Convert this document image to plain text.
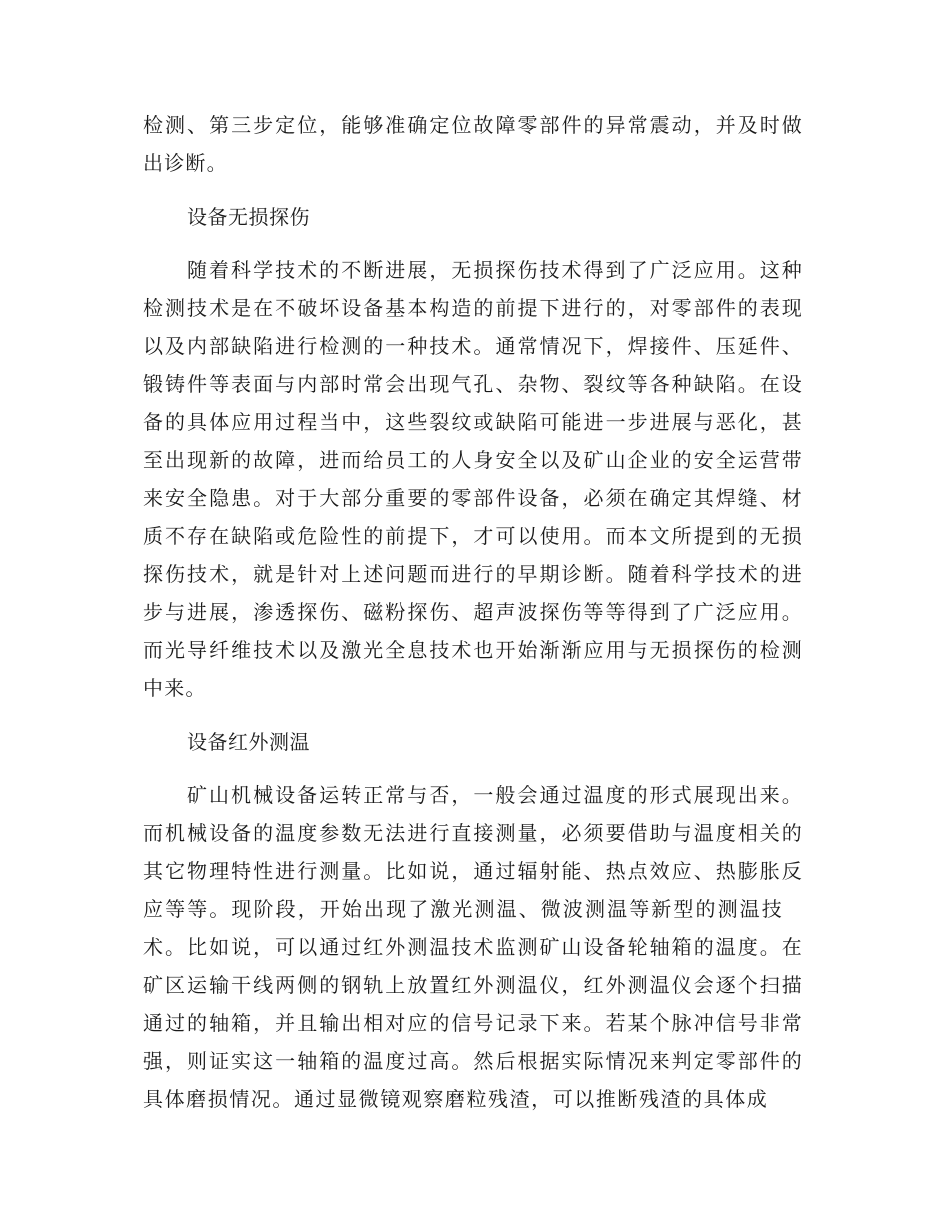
检测、第三步定位，能够准确定位故障零部件的异常震动，并及时做
出诊断。
设备无损探伤
随着科学技术的不断进展，无损探伤技术得到了广泛应用。这种
检测技术是在不破坏设备基本构造的前提下进行的，对零部件的表现
以及内部缺陷进行检测的一种技术。通常情况下，焊接件、压延件、
锻铸件等表面与内部时常会出现气孔、杂物、裂纹等各种缺陷。在设
备的具体应用过程当中，这些裂纹或缺陷可能进一步进展与恶化，甚
至出现新的故障，进而给员工的人身安全以及矿山企业的安全运营带
来安全隐患。对于大部分重要的零部件设备，必须在确定其焊缝、材
质不存在缺陷或危险性的前提下，才可以使用。而本文所提到的无损
探伤技术，就是针对上述问题而进行的早期诊断。随着科学技术的进
步与进展，渗透探伤、磁粉探伤、超声波探伤等等得到了广泛应用。
而光导纤维技术以及激光全息技术也开始渐渐应用与无损探伤的检测
中来。
设备红外测温
矿山机械设备运转正常与否，一般会通过温度的形式展现出来。
而机械设备的温度参数无法进行直接测量，必须要借助与温度相关的
其它物理特性进行测量。比如说，通过辐射能、热点效应、热膨胀反
应等等。现阶段，开始出现了激光测温、微波测温等新型的测温技
术。比如说，可以通过红外测温技术监测矿山设备轮轴箱的温度。在
矿区运输干线两侧的钢轨上放置红外测温仪，红外测温仪会逐个扫描
通过的轴箱，并且输出相对应的信号记录下来。若某个脉冲信号非常
强，则证实这一轴箱的温度过高。然后根据实际情况来判定零部件的
具体磨损情况。通过显微镜观察磨粒残渣，可以推断残渣的具体成
